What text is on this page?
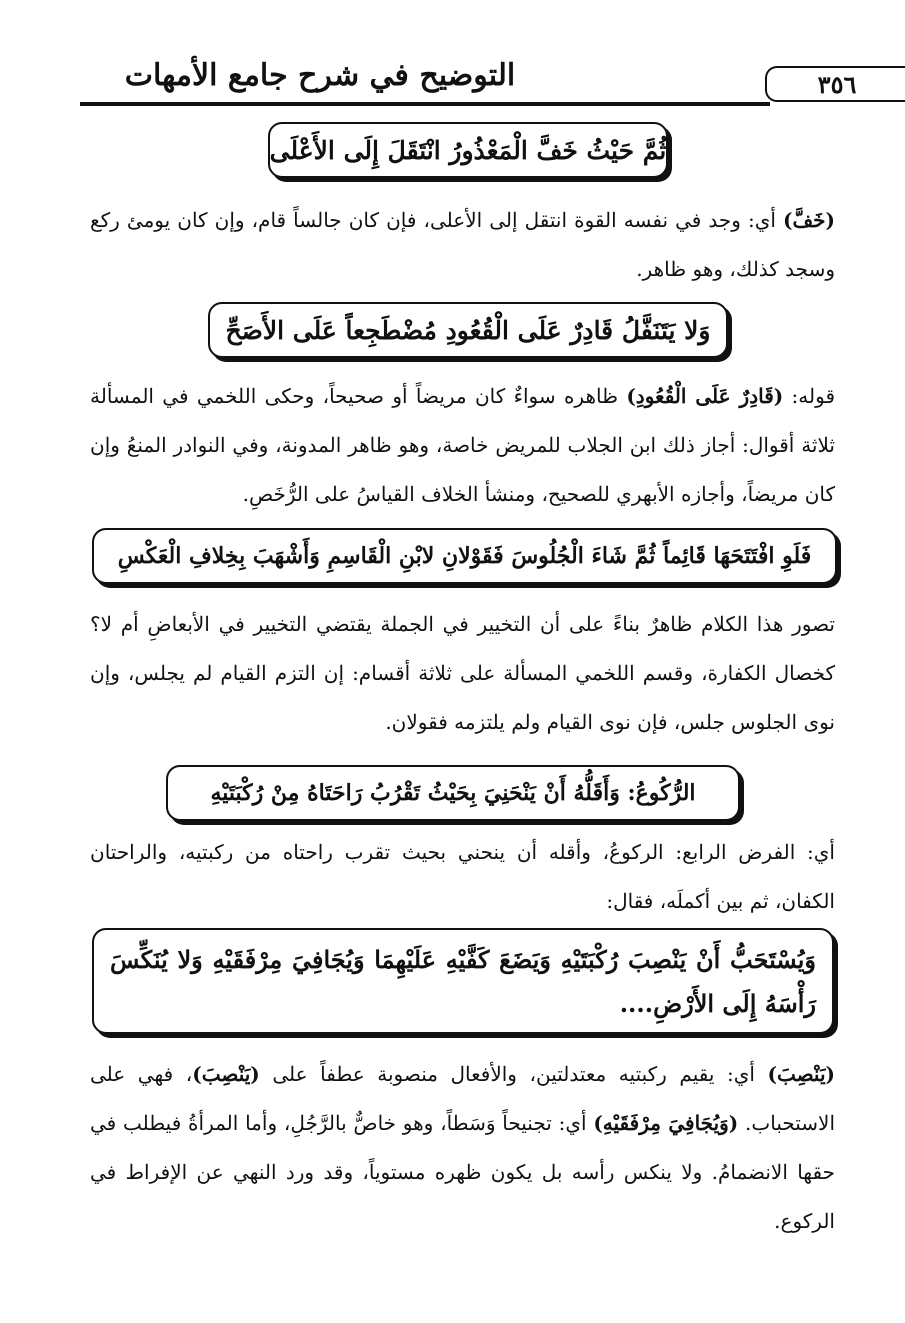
٣٥٦
التوضيح في شرح جامع الأمهات
ثُمَّ حَيْثُ خَفَّ الْمَعْذُورُ انْتَقَلَ إِلَى الأَعْلَى
(خَفَّ) أي: وجد في نفسه القوة انتقل إلى الأعلى، فإن كان جالساً قام، وإن كان يومئ ركع وسجد كذلك، وهو ظاهر.
وَلا يَتَنَفَّلُ قَادِرٌ عَلَى الْقُعُودِ مُضْطَجِعاً عَلَى الأَصَحِّ
قوله: (قَادِرٌ عَلَى الْقُعُودِ) ظاهره سواءٌ كان مريضاً أو صحيحاً، وحكى اللخمي في المسألة ثلاثة أقوال: أجاز ذلك ابن الجلاب للمريض خاصة، وهو ظاهر المدونة، وفي النوادر المنعُ وإن كان مريضاً، وأجازه الأبهري للصحيح، ومنشأ الخلاف القياسُ على الرُّخَصِ.
فَلَوِ افْتَتَحَهَا قَائِماً ثُمَّ شَاءَ الْجُلُوسَ فَقَوْلانِ لابْنِ الْقَاسِمِ وَأَشْهَبَ بِخِلافِ الْعَكْسِ
تصور هذا الكلام ظاهرٌ بناءً على أن التخيير في الجملة يقتضي التخيير في الأبعاضِ أم لا؟ كخصال الكفارة، وقسم اللخمي المسألة على ثلاثة أقسام: إن التزم القيام لم يجلس، وإن نوى الجلوس جلس، فإن نوى القيام ولم يلتزمه فقولان.
الرُّكُوعُ: وَأَقَلُّهُ أَنْ يَنْحَنِيَ بِحَيْثُ تَقْرُبُ رَاحَتَاهُ مِنْ رُكْبَتَيْهِ
أي: الفرض الرابع: الركوعُ، وأقله أن ينحني بحيث تقرب راحتاه من ركبتيه، والراحتان الكفان، ثم بين أكملَه، فقال:
وَيُسْتَحَبُّ أَنْ يَنْصِبَ رُكْبَتَيْهِ وَيَضَعَ كَفَّيْهِ عَلَيْهِمَا وَيُجَافِيَ مِرْفَقَيْهِ وَلا يُنَكِّسَ رَأْسَهُ إِلَى الأَرْضِ....
(يَنْصِبَ) أي: يقيم ركبتيه معتدلتين، والأفعال منصوبة عطفاً على (يَنْصِبَ)، فهي على الاستحباب. (وَيُجَافِيَ مِرْفَقَيْهِ) أي: تجنيحاً وَسَطاً، وهو خاصٌّ بالرَّجُلِ، وأما المرأةُ فيطلب في حقها الانضمامُ. ولا ينكس رأسه بل يكون ظهره مستوياً، وقد ورد النهي عن الإفراط في الركوع.
